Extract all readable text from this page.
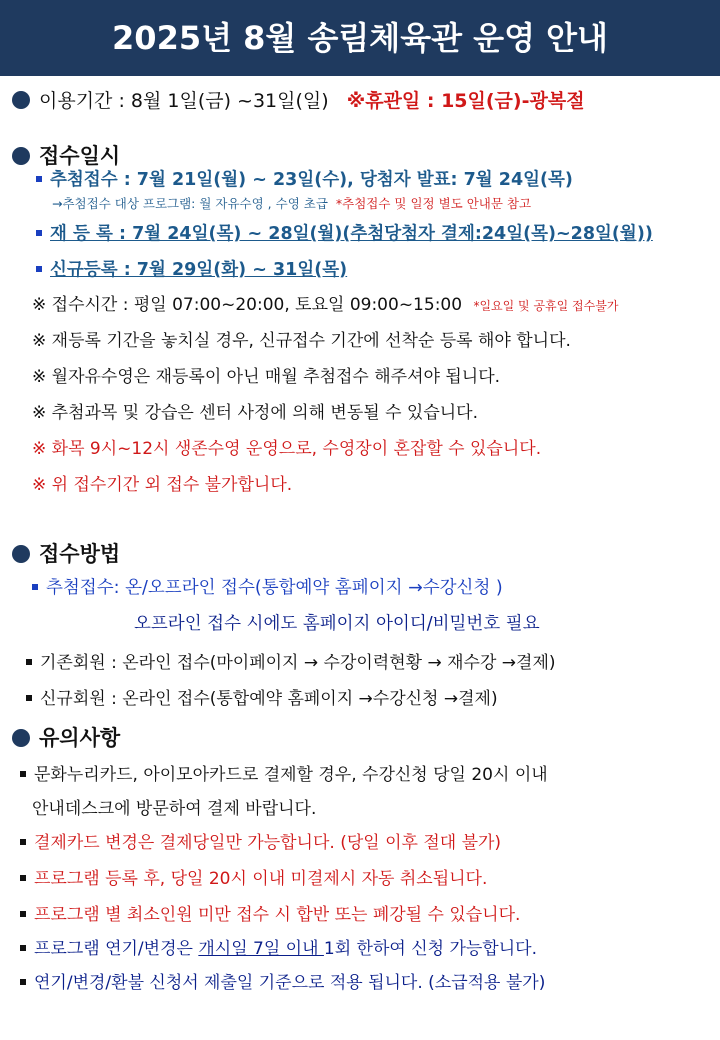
2025년 8월 송림체육관 운영 안내
이용기간 : 8월 1일(금) ~31일(일) ※휴관일 : 15일(금)-광복절
접수일시
추첨접수 : 7월 21일(월) ~ 23일(수), 당첨자 발표: 7월 24일(목)
→추첨접수 대상 프로그램: 월 자유수영 , 수영 초급 *추첨접수 및 일정 별도 안내문 참고
재 등 록 : 7월 24일(목) ~ 28일(월)(추첨당첨자 결제:24일(목)~28일(월))
신규등록 : 7월 29일(화) ~ 31일(목)
※ 접수시간 : 평일 07:00~20:00, 토요일 09:00~15:00 *일요일 및 공휴일 접수불가
※ 재등록 기간을 놓치실 경우, 신규접수 기간에 선착순 등록 해야 합니다.
※ 월자유수영은 재등록이 아닌 매월 추첨접수 해주셔야 됩니다.
※ 추첨과목 및 강습은 센터 사정에 의해 변동될 수 있습니다.
※ 화목 9시~12시 생존수영 운영으로, 수영장이 혼잡할 수 있습니다.
※ 위 접수기간 외 접수 불가합니다.
접수방법
추첨접수: 온/오프라인 접수(통합예약 홈페이지 →수강신청 )
오프라인 접수 시에도 홈페이지 아이디/비밀번호 필요
기존회원 : 온라인 접수(마이페이지 → 수강이력현황 → 재수강 →결제)
신규회원 : 온라인 접수(통합예약 홈페이지 →수강신청 →결제)
유의사항
문화누리카드, 아이모아카드로 결제할 경우, 수강신청 당일 20시 이내
안내데스크에 방문하여 결제 바랍니다.
결제카드 변경은 결제당일만 가능합니다. (당일 이후 절대 불가)
프로그램 등록 후, 당일 20시 이내 미결제시 자동 취소됩니다.
프로그램 별 최소인원 미만 접수 시 합반 또는 폐강될 수 있습니다.
프로그램 연기/변경은 개시일 7일 이내 1회 한하여 신청 가능합니다.
연기/변경/환불 신청서 제출일 기준으로 적용 됩니다. (소급적용 불가)
